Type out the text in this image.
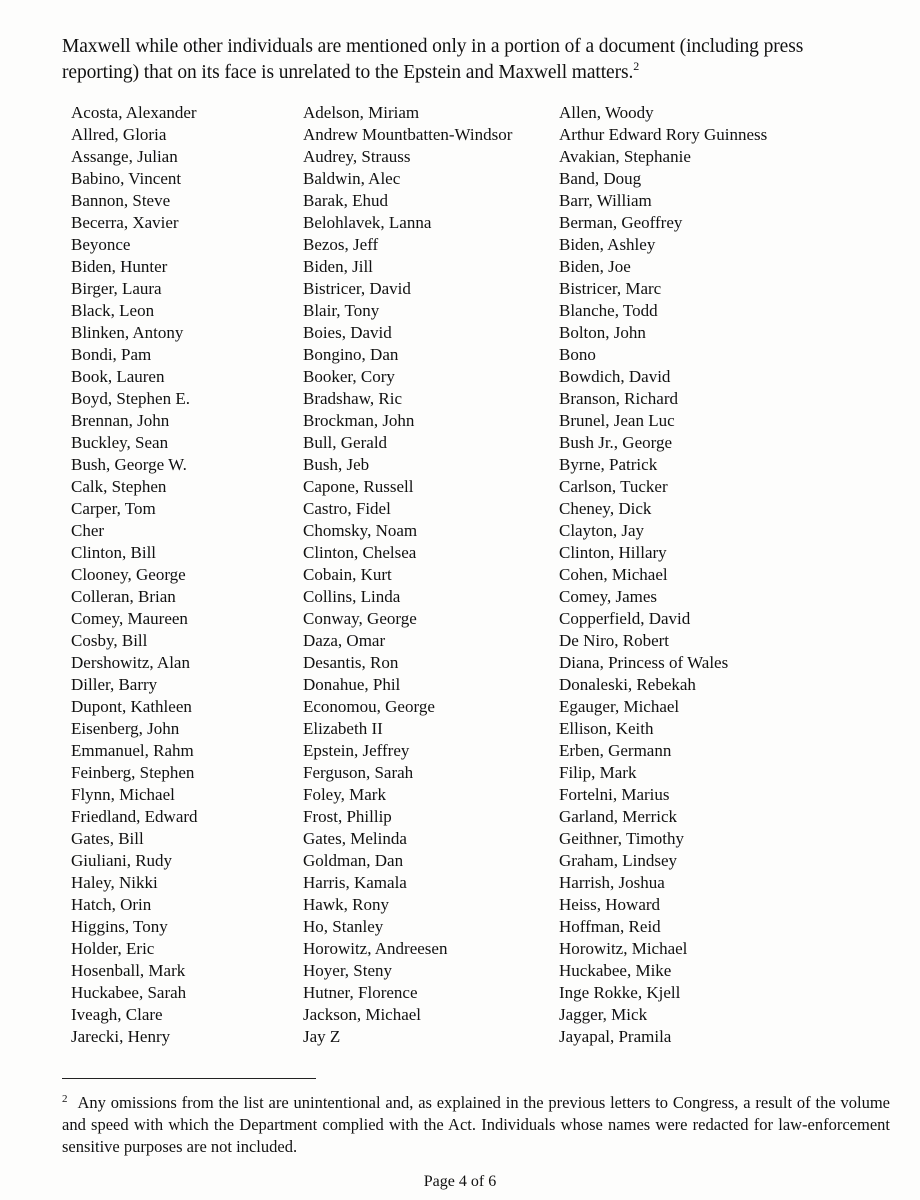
Maxwell while other individuals are mentioned only in a portion of a document (including press reporting) that on its face is unrelated to the Epstein and Maxwell matters.$^2$

Acosta, Alexander
Allred, Gloria
Assange, Julian
Babino, Vincent
Bannon, Steve
Becerra, Xavier
Beyonce
Biden, Hunter
Birger, Laura
Black, Leon
Blinken, Antony
Bondi, Pam
Book, Lauren
Boyd, Stephen E.
Brennan, John
Buckley, Sean
Bush, George W.
Calk, Stephen
Carper, Tom
Cher
Clinton, Bill
Clooney, George
Colleran, Brian
Comey, Maureen
Cosby, Bill
Dershowitz, Alan
Diller, Barry
Dupont, Kathleen
Eisenberg, John
Emmanuel, Rahm
Feinberg, Stephen
Flynn, Michael
Friedland, Edward
Gates, Bill
Giuliani, Rudy
Haley, Nikki
Hatch, Orin
Higgins, Tony
Holder, Eric
Hosenball, Mark
Huckabee, Sarah
Iveagh, Clare
Jarecki, Henry
Adelson, Miriam
Andrew Mountbatten-Windsor
Audrey, Strauss
Baldwin, Alec
Barak, Ehud
Belohlavek, Lanna
Bezos, Jeff
Biden, Jill
Bistricer, David
Blair, Tony
Boies, David
Bongino, Dan
Booker, Cory
Bradshaw, Ric
Brockman, John
Bull, Gerald
Bush, Jeb
Capone, Russell
Castro, Fidel
Chomsky, Noam
Clinton, Chelsea
Cobain, Kurt
Collins, Linda
Conway, George
Daza, Omar
Desantis, Ron
Donahue, Phil
Economou, George
Elizabeth II
Epstein, Jeffrey
Ferguson, Sarah
Foley, Mark
Frost, Phillip
Gates, Melinda
Goldman, Dan
Harris, Kamala
Hawk, Rony
Ho, Stanley
Horowitz, Andreesen
Hoyer, Steny
Hutner, Florence
Jackson, Michael
Jay Z
Allen, Woody
Arthur Edward Rory Guinness
Avakian, Stephanie
Band, Doug
Barr, William
Berman, Geoffrey
Biden, Ashley
Biden, Joe
Bistricer, Marc
Blanche, Todd
Bolton, John
Bono
Bowdich, David
Branson, Richard
Brunel, Jean Luc
Bush Jr., George
Byrne, Patrick
Carlson, Tucker
Cheney, Dick
Clayton, Jay
Clinton, Hillary
Cohen, Michael
Comey, James
Copperfield, David
De Niro, Robert
Diana, Princess of Wales
Donaleski, Rebekah
Egauger, Michael
Ellison, Keith
Erben, Germann
Filip, Mark
Fortelni, Marius
Garland, Merrick
Geithner, Timothy
Graham, Lindsey
Harrish, Joshua
Heiss, Howard
Hoffman, Reid
Horowitz, Michael
Huckabee, Mike
Inge Rokke, Kjell
Jagger, Mick
Jayapal, Pramila
$^2$ Any omissions from the list are unintentional and, as explained in the previous letters to Congress, a result of the volume and speed with which the Department complied with the Act. Individuals whose names were redacted for law-enforcement sensitive purposes are not included.
Page 4 of 6
